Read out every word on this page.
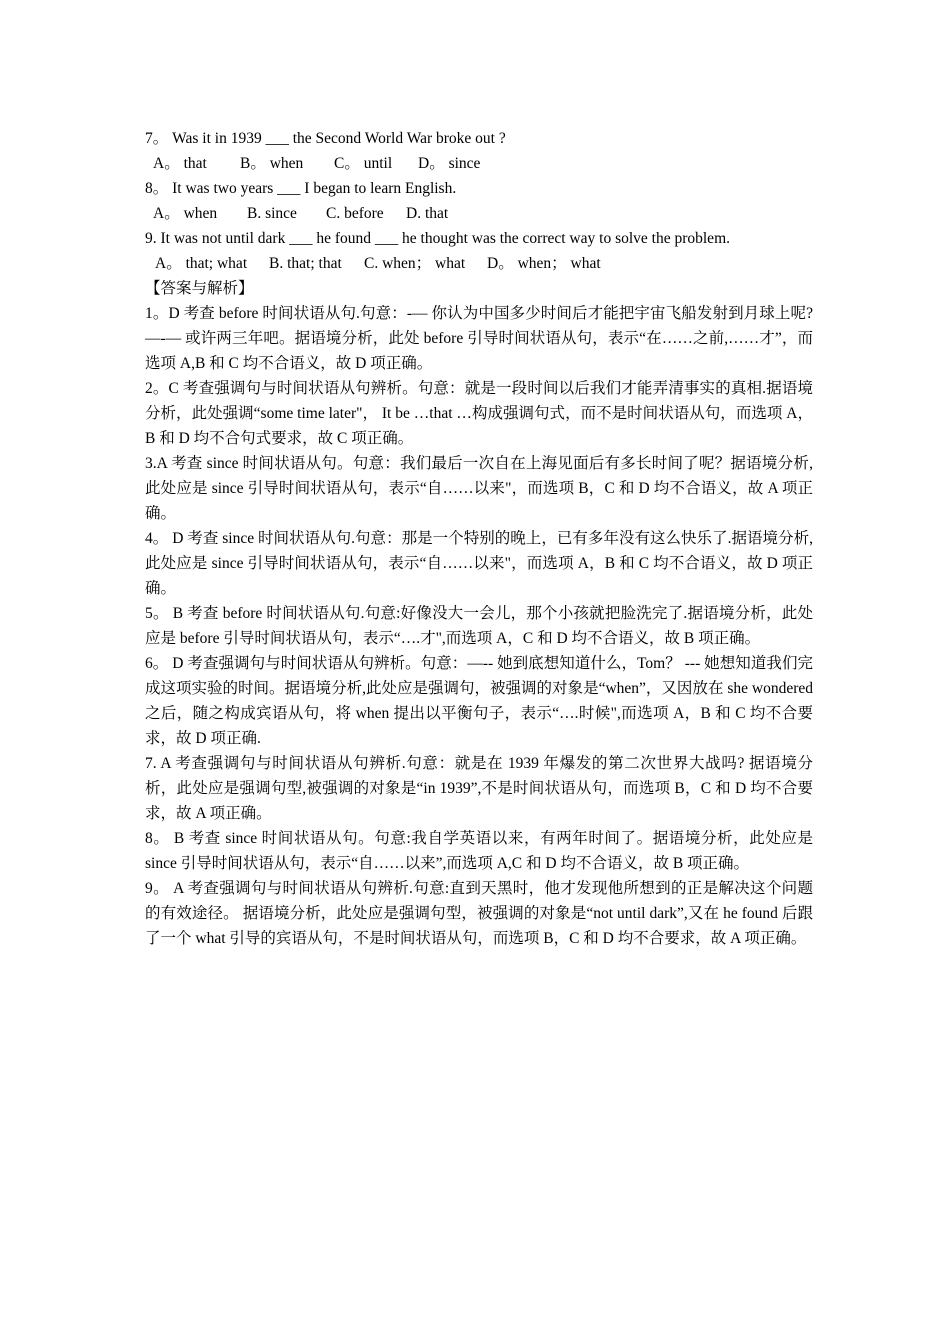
7。 Was it in 1939 ___ the Second World War broke out ?
A。 that B。 when C。 until D。 since
8。 It was two years ___ I began to learn English.
A。 when B. since C. before D. that
9. It was not until dark ___ he found ___ he thought was the correct way to solve the problem.
A。 that; what B. that; that C. when； what D。 when； what
【答案与解析】
1。D 考查 before 时间状语从句.句意：-— 你认为中国多少时间后才能把宇宙飞船发射到月球上呢?—-— 或许两三年吧。据语境分析，此处 before 引导时间状语从句，表示“在……之前,……才”，而选项 A,B 和 C 均不合语义，故 D 项正确。
2。C 考查强调句与时间状语从句辨析。句意：就是一段时间以后我们才能弄清事实的真相.据语境分析，此处强调“some time later"， It be …that …构成强调句式，而不是时间状语从句，而选项 A，B 和 D 均不合句式要求，故 C 项正确。
3.A 考查 since 时间状语从句。句意：我们最后一次自在上海见面后有多长时间了呢？据语境分析,此处应是 since 引导时间状语从句，表示“自……以来"，而选项 B，C 和 D 均不合语义，故 A 项正确。
4。 D 考查 since 时间状语从句.句意：那是一个特别的晚上，已有多年没有这么快乐了.据语境分析,此处应是 since 引导时间状语从句，表示“自……以来"，而选项 A，B 和 C 均不合语义，故 D 项正确。
5。 B 考查 before 时间状语从句.句意:好像没大一会儿，那个小孩就把脸洗完了.据语境分析，此处应是 before 引导时间状语从句，表示“….才",而选项 A，C 和 D 均不合语义，故 B 项正确。
6。 D 考查强调句与时间状语从句辨析。句意：—-- 她到底想知道什么，Tom？ --- 她想知道我们完成这项实验的时间。据语境分析,此处应是强调句，被强调的对象是“when”，又因放在 she wondered 之后，随之构成宾语从句，将 when 提出以平衡句子，表示“….时候",而选项 A，B 和 C 均不合要求，故 D 项正确.
7. A 考查强调句与时间状语从句辨析.句意：就是在 1939 年爆发的第二次世界大战吗? 据语境分析，此处应是强调句型,被强调的对象是“in 1939”,不是时间状语从句，而选项 B，C 和 D 均不合要求，故 A 项正确。
8。 B 考查 since 时间状语从句。句意:我自学英语以来，有两年时间了。据语境分析，此处应是 since 引导时间状语从句，表示“自……以来”,而选项 A,C 和 D 均不合语义，故 B 项正确。
9。 A 考查强调句与时间状语从句辨析.句意:直到天黑时，他才发现他所想到的正是解决这个问题的有效途径。 据语境分析，此处应是强调句型，被强调的对象是“not until dark”,又在 he found 后跟了一个 what 引导的宾语从句，不是时间状语从句，而选项 B，C 和 D 均不合要求，故 A 项正确。
